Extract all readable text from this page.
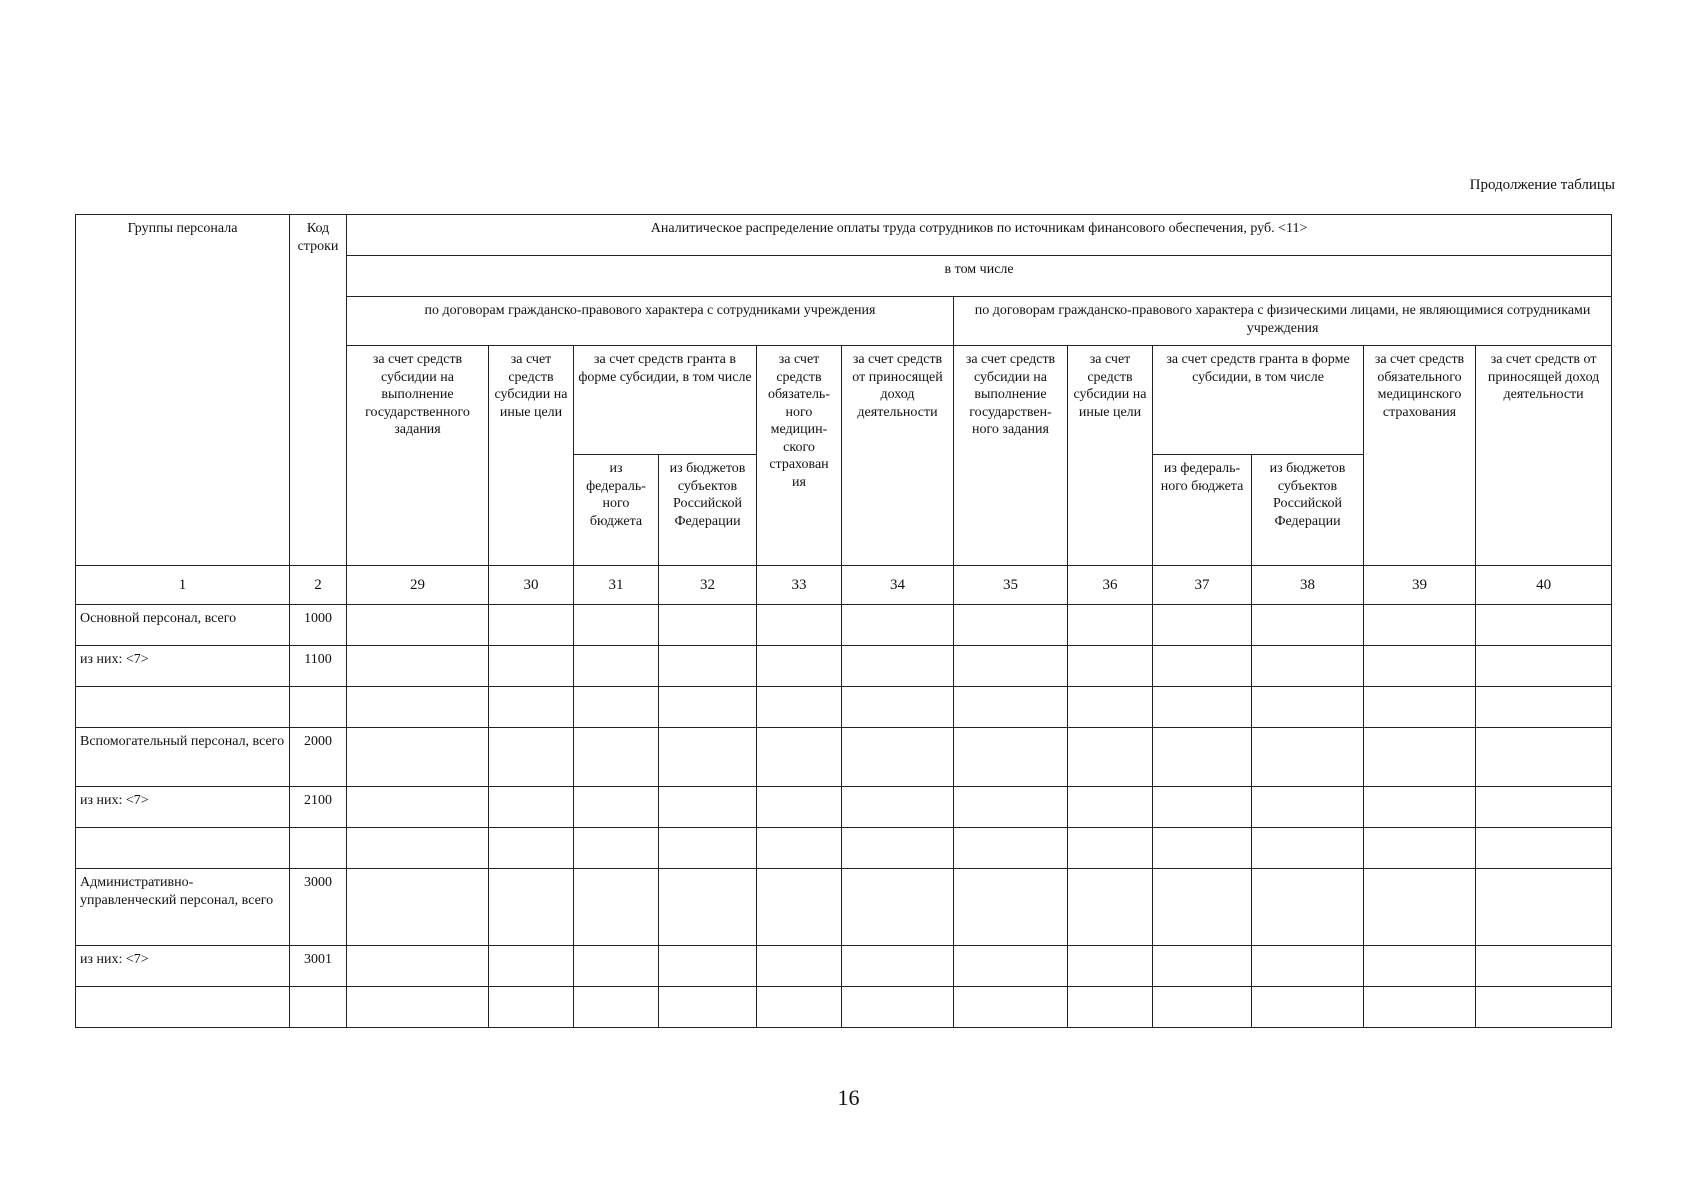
Продолжение таблицы
Группы персонала	Код строки	Аналитическое распределение оплаты труда сотрудников по источникам финансового обеспечения, руб. <11>											
		в том числе											
		по договорам гражданско-правового характера с сотрудниками учреждения						по договорам гражданско-правового характера с физическими лицами, не являющимися сотрудниками учреждения					
		за счет средств субсидии на выполнение государственного задания	за счет средств субсидии на иные цели	за счет средств гранта в форме субсидии, в том числе		за счет средств обязатель-ного медицин-ского страхован ия	за счет средств от приносящей доход деятельности	за счет средств субсидии на выполнение государствен-ного задания	за счет средств субсидии на иные цели	за счет средств гранта в форме субсидии, в том числе		за счет средств обязательного медицинского страхования	за счет средств от приносящей доход деятельности
				из федераль-ного бюджета	из бюджетов субъектов Российской Федерации					из федераль-ного бюджета	из бюджетов субъектов Российской Федерации		
1	2	29	30	31	32	33	34	35	36	37	38	39	40
Основной персонал, всего	1000												
из них: <7>	1100												

Вспомогательный персонал, всего	2000												
из них: <7>	2100												

Административно-управленческий персонал, всего	3000												
из них: <7>	3001												

16
